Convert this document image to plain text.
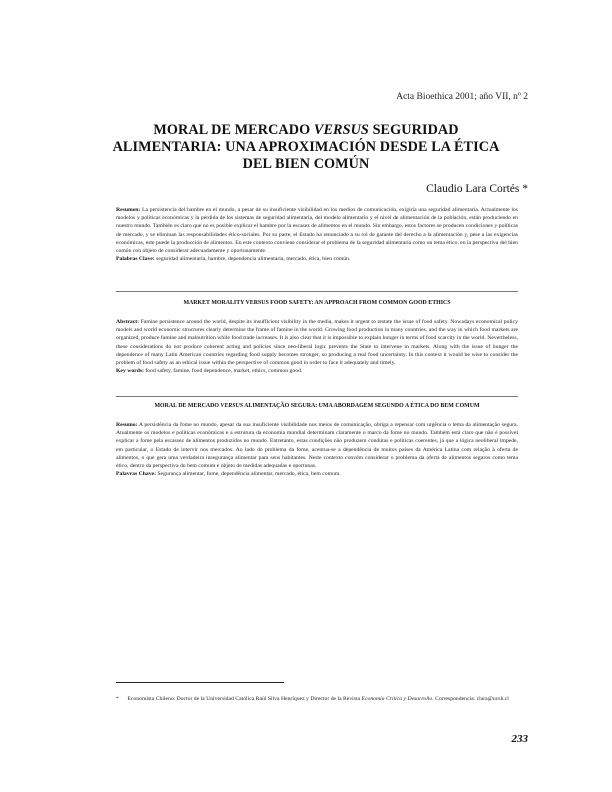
Acta Bioethica 2001; año VII, nº 2
MORAL DE MERCADO VERSUS SEGURIDAD ALIMENTARIA: UNA APROXIMACIÓN DESDE LA ÉTICA DEL BIEN COMÚN
Claudio Lara Cortés *
Resumen: La persistencia del hambre en el mundo, a pesar de su insuficiente visibilidad en los medios de comunicación, exigiría una seguridad alimentaria. Actualmente los modelos y políticas económicas y la pérdida de los sistemas de seguridad alimentaria, del modelo alimentario y el nivel de alimentación de la población, están produciendo en nuestro mundo. También es claro que no es posible explicar el hambre por la escasez de alimentos en el mundo. Sin embargo, estos factores se producen condiciones y políticas de mercado, y se eliminan las responsabilidades ético-sociales. Por su parte, el Estado ha renunciado a su rol de garante del derecho a la alimentación y, pese a las exigencias económicas, este puede la producción de alimentos. En este contexto conviene considerar el problema de la seguridad alimentaria como un tema ético, en la perspectiva del bien común con objeto de considerar adecuadamente y oportunamente.
Palabras Clave: seguridad alimentaria, hambre, dependencia alimentaria, mercado, ética, bien común.
MARKET MORALITY VERSUS FOOD SAFETY: AN APPROACH FROM COMMON GOOD ETHICS
Abstract: Famine persistence around the world, despite its insufficient visibility in the media, makes it urgent to restate the issue of food safety. Nowadays economical policy models and world economic structures clearly determine the frame of famine in the world. Growing food production in many countries, and the way in which food markets are organized, produce famine and malnutrition while food trade increases. It is also clear that it is impossible to explain hunger in terms of food scarcity in the world. Nevertheless, these considerations do not produce coherent acting and policies since neo-liberal logic prevents the State to intervene in markets. Along with the issue of hunger the dependence of many Latin American countries regarding food supply becomes stronger, so producing a real food uncertainty. In this context it would be wise to consider the problem of food safety as an ethical issue within the perspective of common good in order to face it adequately and timely.
Key words: food safety, famine, food dependence, market, ethics, common good.
MORAL DE MERCADO VERSUS ALIMENTAÇÃO SEGURA: UMA ABORDAGEM SEGUNDO A ÉTICA DO BEM COMUM
Resumo: A persistência da fome no mundo, apesar da sua insuficiente visibilidade nos meios de comunicação, obriga a repensar com urgência o tema da alimentação segura. Atualmente os modelos e políticas econômicas e a estrutura da economia mundial determinam claramente o marco da fome no mundo. Também está claro que não é possível explicar a fome pela escassez de alimentos produzidos no mundo. Entretanto, estas condições não produzem condutas e políticas coerentes, já que a lógica neoliberal impede, em particular, o Estado de intervir nos mercados. Ao lado do problema da fome, acentua-se a dependência de muitos países da América Latina com relação à oferta de alimentos, o que gera uma verdadeira insegurança alimentar para seus habitantes. Neste contexto convém considerar o problema da oferta de alimentos seguros como tema ético, dentro da perspectiva do bem comum e objeto de medidas adequadas e oportunas.
Palavras Chave: Segurança alimentar, fome, dependência alimentar, mercado, ética, bem comum.
* Economista Chileno. Doctor de la Universidad Católica Raúl Silva Henríquez y Director de la Revista Economía Crítica y Desarrollo. Correspondencia: clara@ucsh.cl
233
